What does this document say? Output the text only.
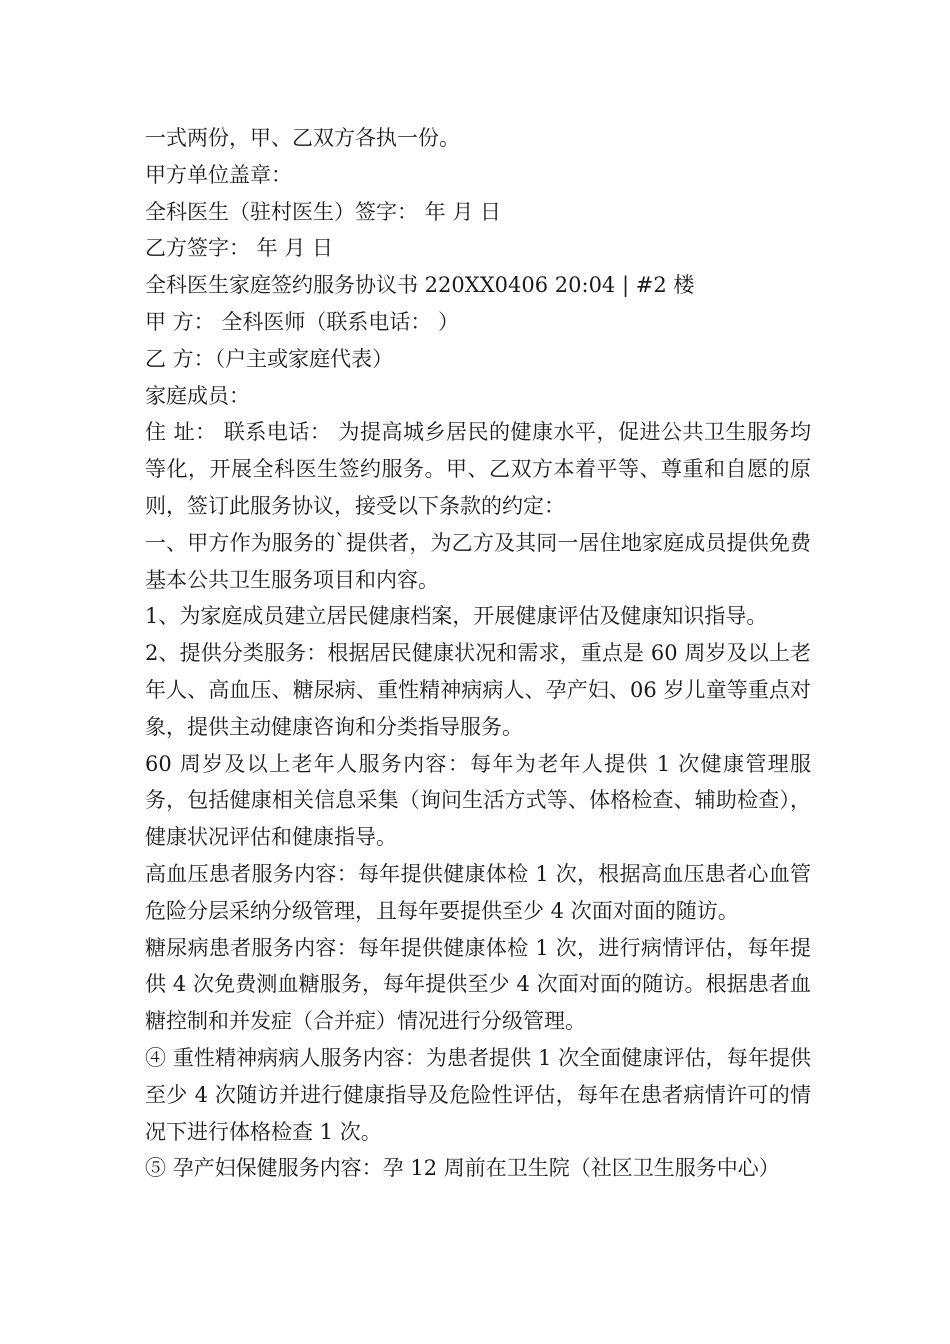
一式两份，甲、乙双方各执一份。

甲方单位盖章：

全科医生（驻村医生）签字： 年 月 日

乙方签字： 年 月 日

全科医生家庭签约服务协议书 220XX0406 20:04 | #2 楼

甲 方： 全科医师（联系电话： ）

乙 方：（户主或家庭代表）

家庭成员：

住 址： 联系电话： 为提高城乡居民的健康水平，促进公共卫生服务均等化，开展全科医生签约服务。甲、乙双方本着平等、尊重和自愿的原则，签订此服务协议，接受以下条款的约定：

一、甲方作为服务的`提供者，为乙方及其同一居住地家庭成员提供免费基本公共卫生服务项目和内容。

1、为家庭成员建立居民健康档案，开展健康评估及健康知识指导。

2、提供分类服务：根据居民健康状况和需求，重点是 60 周岁及以上老年人、高血压、糖尿病、重性精神病病人、孕产妇、06 岁儿童等重点对象，提供主动健康咨询和分类指导服务。

60 周岁及以上老年人服务内容：每年为老年人提供 1 次健康管理服务，包括健康相关信息采集（询问生活方式等、体格检查、辅助检查），健康状况评估和健康指导。

高血压患者服务内容：每年提供健康体检 1 次，根据高血压患者心血管危险分层采纳分级管理，且每年要提供至少 4 次面对面的随访。

糖尿病患者服务内容：每年提供健康体检 1 次，进行病情评估，每年提供 4 次免费测血糖服务，每年提供至少 4 次面对面的随访。根据患者血糖控制和并发症（合并症）情况进行分级管理。

④ 重性精神病病人服务内容：为患者提供 1 次全面健康评估，每年提供至少 4 次随访并进行健康指导及危险性评估，每年在患者病情许可的情况下进行体格检查 1 次。

⑤ 孕产妇保健服务内容：孕 12 周前在卫生院（社区卫生服务中心）
